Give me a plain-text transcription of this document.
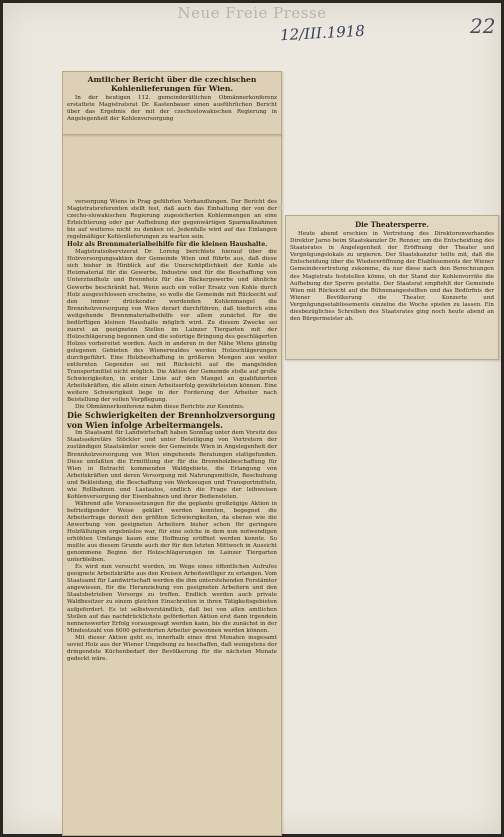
Neue Freie Presse
12/III.1918	22

versorgung Wiens in Prag geführten Verhandlungen. Der Bericht des Magistratsreferenten stellt fest, daß auch das Einhaltung der von der czecho-slowakischen Regierung zugesicherten Kohlenmengen an eine Erleichterung oder gar Aufhebung der gegenwärtigen Sparmaßnahmen bis auf weiteres nicht zu denken ist. Jedenfalls wird auf das Einlangen regelmäßiger Kohlenlieferungen zu warten sein.

Holz als Brennmaterialbeihilfe für die kleinen Haushalte.

Magistratsobervizerat Dr. Loreng berichtete hierauf über die Holzversorgungsaktion der Gemeinde Wien und führte aus, daß diese sich bisher in Hinblick auf die Unerschöpflichkeit der Kohle als Heizmaterial für die Gewerbe, Industrie und für die Beschaffung von Unterzündholz und Brennholz für das Bäckergewerbe und ähnliche Gewerbe beschränkt hat. Wenn auch ein voller Ersatz von Kohle durch Holz ausgeschlossen erscheine, so wolle die Gemeinde mit Rücksicht auf den immer drückender werdenden Kohlenmangel die Brennholzversorgung von Wien derart durchführen, daß hiedurch eine weitgehende Brennmaterialbeihilfe vor allem zunächst für die bedürftigen kleinen Haushalte möglich wird. Zu diesem Zwecke sei zuerst an geeigneten Stellen im Lainzer Tiergarten mit der Holzschlägerung begonnen und die sofortige Bringung des geschlägerten Holzes vorbereitet worden. Auch in anderen in der Nähe Wiens günstig gelegenen Gebieten des Wienerwaldes werden Holzschlägerungen durchgeführt. Eine Holzbeschaffung in größeren Mengen aus weiter entfernten Gegenden sei mit Rücksicht auf die mangelnden Transportmittel nicht möglich. Die Aktion der Gemeinde stoße auf große Schwierigkeiten, in erster Linie auf den Mangel an qualifizierten Arbeitskräften, die allein einen Arbeitserfolg gewährleisten können. Eine weitere Schwierigkeit liege in der Forderung der Arbeiter nach Beistellung der vollen Verpflegung.

Die Obmännerkonferenz nahm diese Berichte zur Kenntnis.

Die Schwierigkeiten der Brennholzversorgung von Wien infolge Arbeitermangels.

Im Staatsamt für Landwirtschaft haben Sonntag unter dem Vorsitz des Staatssekretärs Stöckler und unter Beteiligung von Vertretern der zuständigen Staatsämter sowie der Gemeinde Wien in Angelegenheit der Brennholzversorgung von Wien eingehende Beratungen stattgefunden. Diese umfaßten die Ermittlung der für die Brennholzbeschaffung für Wien in Betracht kommenden Waldgebiete, die Erlangung von Arbeitskräften und deren Versorgung mit Nahrungsmitteln, Beschuhung und Bekleidung, die Beschaffung von Werkzeugen und Transportmitteln, wie Rollbahnen und Lastautos, endlich die Frage der leihweisen Kohlenversorgung der Eisenbahnen und ihrer Bediensteten.

Während alle Voraussetzungen für die geplante großzügige Aktion in befriedigender Weise geklärt werden konnten, begegnet die Arbeiterfrage derzeit den größten Schwierigkeiten, da ebenso wie die Anwerbung von geeigneten Arbeitern bisher schon für geringere Holzfällungen ergebnislos war, für eine solche in dem nun notwendigen erhöhten Umfange kaum eine Hoffnung eröffnet werden konnte. So mußte aus diesem Grunde auch der für den letzten Mittwoch in Aussicht genommene Beginn der Holzschlägerungen im Lainzer Tiergarten unterbleiben.

Es wird nun versucht werden, im Wege eines öffentlichen Aufrufes geeignete Arbeitskräfte aus den Kreisen Arbeitswilliger zu erlangen. Vom Staatsamt für Landwirtschaft werden die ihm unterstehenden Forstämter angewiesen, für die Heranziehung von geeigneten Arbeitern und den Staatsbetrieben Vorsorge zu treffen. Endlich werden auch private Waldbesitzer zu einem gleichen Einschreiten in ihren Tätigkeitsgebieten aufgefordert. Es ist selbstverständlich, daß bei von allen amtlichen Stellen auf das nachdrücklichste geförderten Aktion erst dann irgendein nennenswerter Erfolg vorausgesagt werden kann, bis die zunächst in der Mindestzahl von 6000 geforderten Arbeiter gewonnen werden können.

Mit dieser Aktion geht es, innerhalb eines drei Monaten insgesamt soviel Holz aus der Wiener Umgebung zu beschaffen, daß wenigstens der dringendste Küchenbedarf der Bevölkerung für die nächsten Monate gedeckt wäre.

Amtlicher Bericht über die czechischen Kohlenlieferungen für Wien.

In der heutigen 112. gemeinderätlichen Obmännerkonferenz erstattete Magistratsrat Dr. Kastenbauer einen ausführlichen Bericht über das Ergebnis der mit der czechoslowakischen Regierung in Angelegenheit der Kohlenversorgung

Die Theatersperre.

Heute abend erschien in Vertretung des Direktorenverbandes Direktor Jarno beim Staatskanzler Dr. Renner, um die Entscheidung des Staatsrates in Angelegenheit der Eröffnung der Theater und Vergnügungslokale zu urgieren. Der Staatskanzler teilte mit, daß die Entscheidung über die Wiedereröffnung der Etablissements der Wiener Gemeindevertretung zukomme, da nur diese nach den Berechnungen des Magistrats feststellen könne, ob der Stand der Kohlenvorräte die Aufhebung der Sperre gestatte. Der Staatsrat empfiehlt der Gemeinde Wien mit Rücksicht auf die Bühnenangestellten und das Bedürfnis der Wiener Bevölkerung die Theater, Konzerte und Vergnügungsetablissements einzelne die Woche spielen zu lassen. Ein diesbezügliches Schreiben des Staatsrates ging noch heute abend an den Bürgermeister ab.
